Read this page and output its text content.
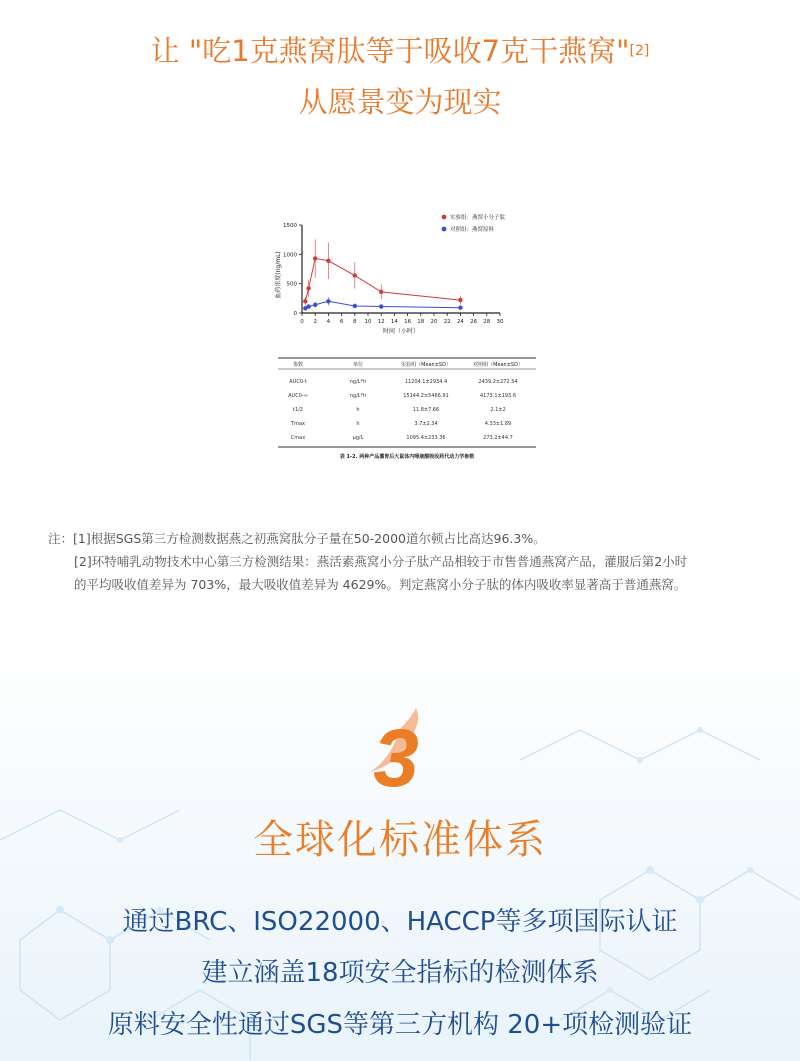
让 "吃1克燕窝肽等于吸收7克干燕窝"[2]
从愿景变为现实
血药浓度(ng/mL)
时间（小时）
1500
1000
500
0
0 2 4 6 8 10 12 14 16 18 20 22 24 26 28 30
实验组：燕窝小分子肽
对照组：燕窝原料
参数	单位	实验组（Mean±SD）	对照组（Mean±SD）
AUC0-t	ng/L*h	11204.1±2934.4	2439.2±272.54
AUC0-∞	ng/L*h	15144.2±5466.91	4173.1±193.6
t1/2	h	11.8±7.66	2.1±2
Tmax	h	3.7±2.34	4.33±1.89
Cmax	μg/L	1095.4±233.36	273.2±44.7
表 1-2. 两种产品灌胃后大鼠体内唾液酸吸收药代动力学参数
注：[1]根据SGS第三方检测数据燕之初燕窝肽分子量在50-2000道尔顿占比高达96.3%。
[2]环特哺乳动物技术中心第三方检测结果：燕活素燕窝小分子肽产品相较于市售普通燕窝产品，灌服后第2小时
的平均吸收值差异为 703%，最大吸收值差异为 4629%。判定燕窝小分子肽的体内吸收率显著高于普通燕窝。
3
全球化标准体系
通过BRC、ISO22000、HACCP等多项国际认证
建立涵盖18项安全指标的检测体系
原料安全性通过SGS等第三方机构 20+项检测验证
